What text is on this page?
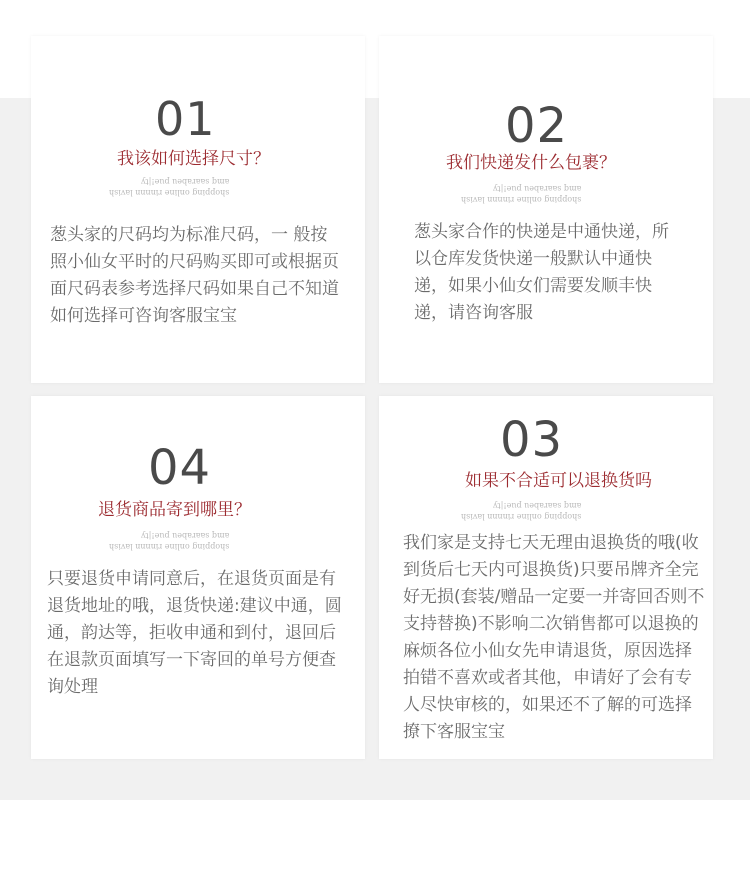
01
我该如何选择尺寸？
shopping online rinnnn lavish
amq saarabeu pue!|ty
葱头家的尺码均为标准尺码，一 般按照小仙女平时的尺码购买即可或根据页面尺码表参考选择尺码如果自己不知道如何选择可咨询客服宝宝
02
我们快递发什么包裹？
shopping online rinnnn lavish
amq saarabeu pue!|ty
葱头家合作的快递是中通快递，所以仓库发货快递一般默认中通快递，如果小仙女们需要发顺丰快递，请咨询客服
04
退货商品寄到哪里？
shopping online rinnnn lavish
amq saarabeu pue!|ty
只要退货申请同意后，在退货页面是有退货地址的哦，退货快递:建议中通，圆通，韵达等，拒收申通和到付，退回后在退款页面填写一下寄回的单号方便查询处理
03
如果不合适可以退换货吗
shopping online rinnnn lavish
amq saarabeu pue!|ty
我们家是支持七天无理由退换货的哦(收到货后七天内可退换货)只要吊牌齐全完好无损(套装/赠品一定要一并寄回否则不支持替换)不影响二次销售都可以退换的麻烦各位小仙女先申请退货，原因选择拍错不喜欢或者其他，申请好了会有专人尽快审核的，如果还不了解的可选择撩下客服宝宝
